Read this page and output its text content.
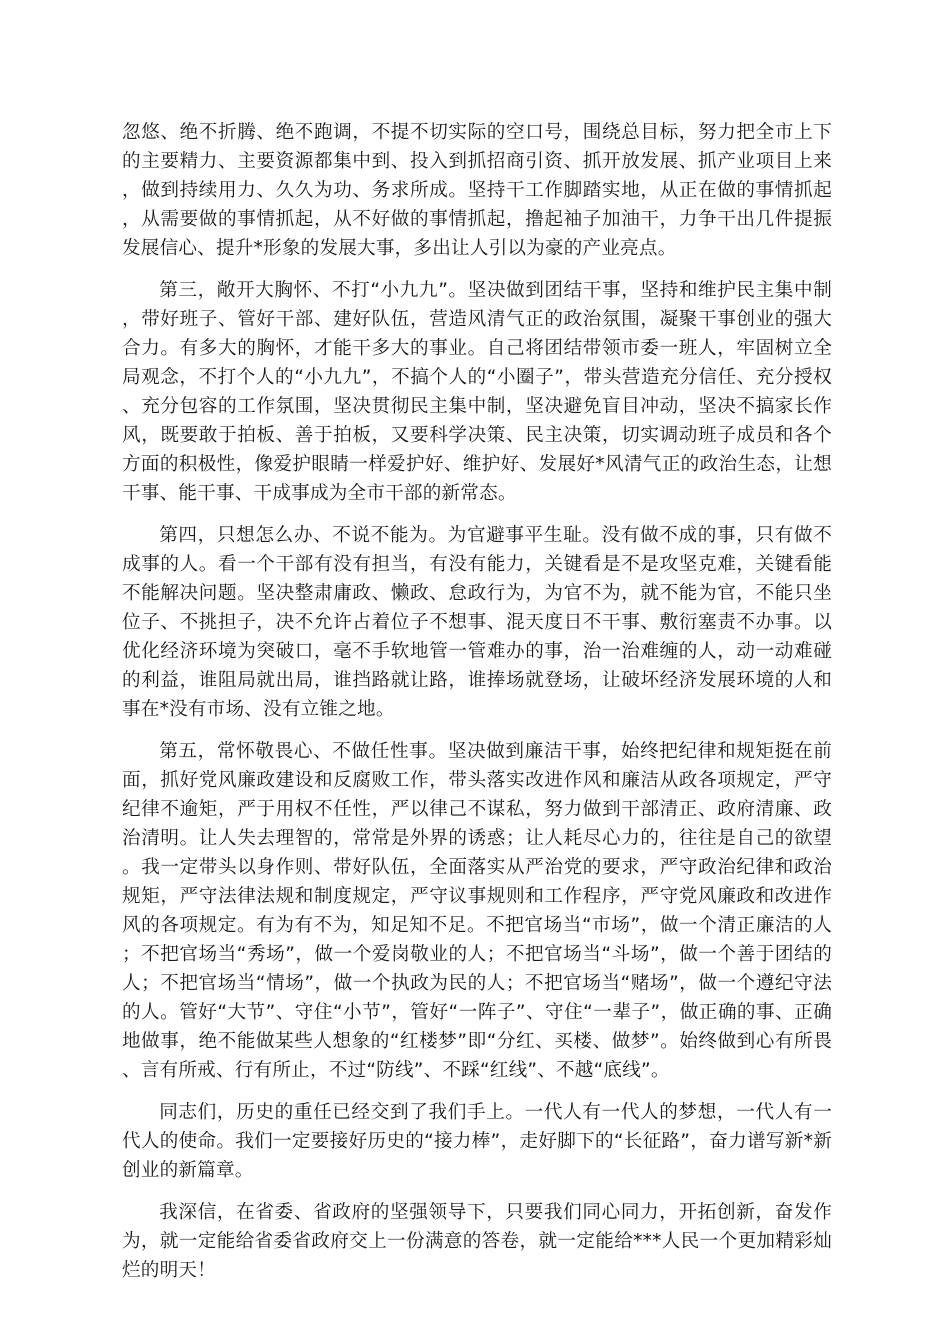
忽悠、绝不折腾、绝不跑调，不提不切实际的空口号，围绕总目标，努力把全市上下的主要精力、主要资源都集中到、投入到抓招商引资、抓开放发展、抓产业项目上来，做到持续用力、久久为功、务求所成。坚持干工作脚踏实地，从正在做的事情抓起，从需要做的事情抓起，从不好做的事情抓起，撸起袖子加油干，力争干出几件提振发展信心、提升*形象的发展大事，多出让人引以为豪的产业亮点。

第三，敞开大胸怀、不打“小九九”。坚决做到团结干事，坚持和维护民主集中制，带好班子、管好干部、建好队伍，营造风清气正的政治氛围，凝聚干事创业的强大合力。有多大的胸怀，才能干多大的事业。自己将团结带领市委一班人，牢固树立全局观念，不打个人的“小九九”，不搞个人的“小圈子”，带头营造充分信任、充分授权、充分包容的工作氛围，坚决贯彻民主集中制，坚决避免盲目冲动，坚决不搞家长作风，既要敢于拍板、善于拍板，又要科学决策、民主决策，切实调动班子成员和各个方面的积极性，像爱护眼睛一样爱护好、维护好、发展好*风清气正的政治生态，让想干事、能干事、干成事成为全市干部的新常态。

第四，只想怎么办、不说不能为。为官避事平生耻。没有做不成的事，只有做不成事的人。看一个干部有没有担当，有没有能力，关键看是不是攻坚克难，关键看能不能解决问题。坚决整肃庸政、懒政、怠政行为，为官不为，就不能为官，不能只坐位子、不挑担子，决不允许占着位子不想事、混天度日不干事、敷衍塞责不办事。以优化经济环境为突破口，毫不手软地管一管难办的事，治一治难缠的人，动一动难碰的利益，谁阻局就出局，谁挡路就让路，谁捧场就登场，让破坏经济发展环境的人和事在*没有市场、没有立锥之地。

第五，常怀敬畏心、不做任性事。坚决做到廉洁干事，始终把纪律和规矩挺在前面，抓好党风廉政建设和反腐败工作，带头落实改进作风和廉洁从政各项规定，严守纪律不逾矩，严于用权不任性，严以律己不谋私，努力做到干部清正、政府清廉、政治清明。让人失去理智的，常常是外界的诱惑；让人耗尽心力的，往往是自己的欲望。我一定带头以身作则、带好队伍，全面落实从严治党的要求，严守政治纪律和政治规矩，严守法律法规和制度规定，严守议事规则和工作程序，严守党风廉政和改进作风的各项规定。有为有不为，知足知不足。不把官场当“市场”，做一个清正廉洁的人；不把官场当“秀场”，做一个爱岗敬业的人；不把官场当“斗场”，做一个善于团结的人；不把官场当“情场”，做一个执政为民的人；不把官场当“赌场”，做一个遵纪守法的人。管好“大节”、守住“小节”，管好“一阵子”、守住“一辈子”，做正确的事、正确地做事，绝不能做某些人想象的“红楼梦”即“分红、买楼、做梦”。始终做到心有所畏、言有所戒、行有所止，不过“防线”、不踩“红线”、不越“底线”。

同志们，历史的重任已经交到了我们手上。一代人有一代人的梦想，一代人有一代人的使命。我们一定要接好历史的“接力棒”，走好脚下的“长征路”，奋力谱写新*新创业的新篇章。

我深信，在省委、省政府的坚强领导下，只要我们同心同力，开拓创新，奋发作为，就一定能给省委省政府交上一份满意的答卷，就一定能给***人民一个更加精彩灿烂的明天！
